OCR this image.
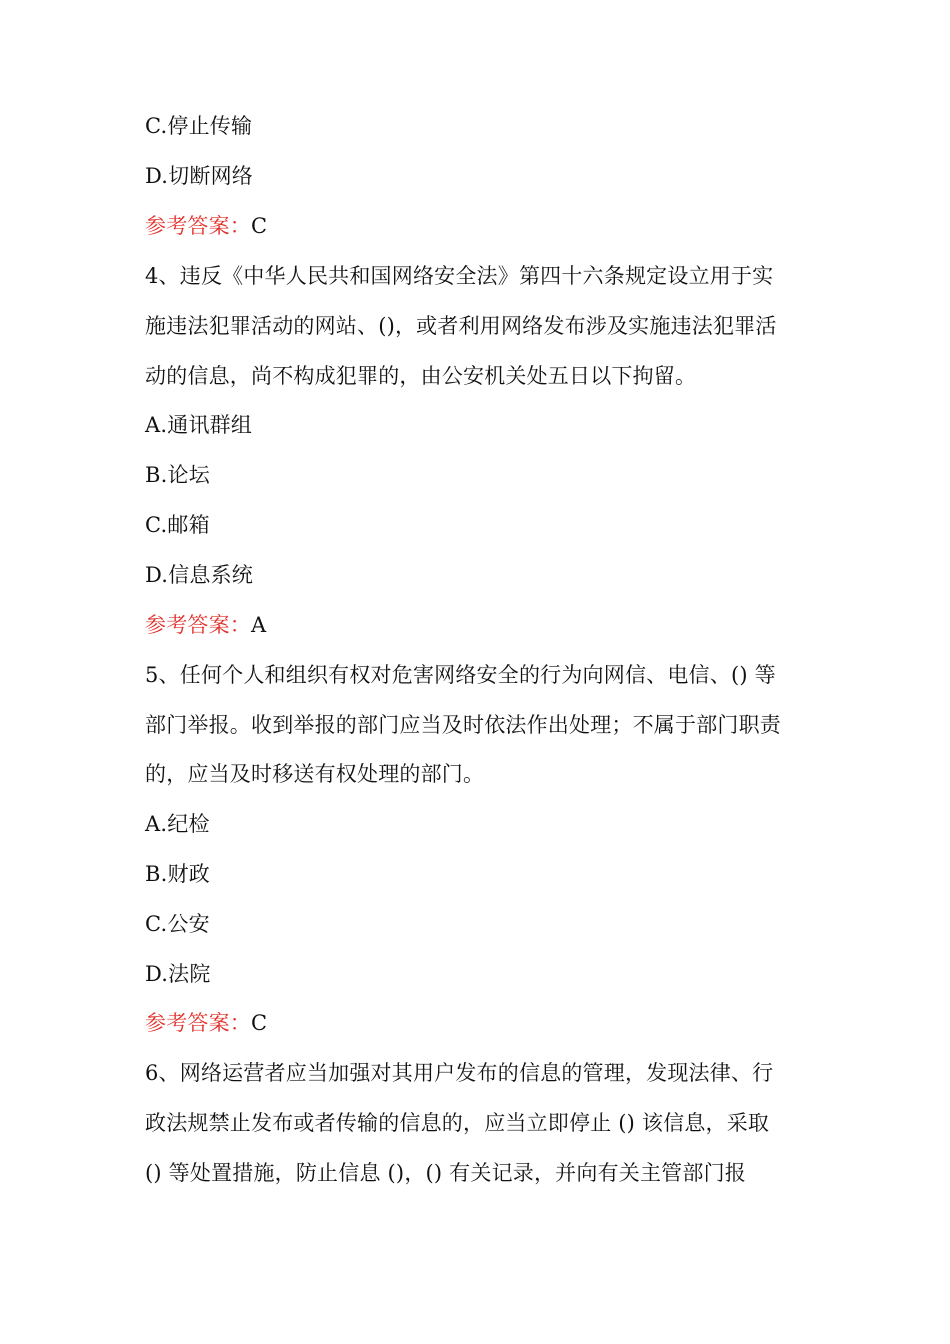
C.停止传输
D.切断网络
参考答案：C
4、违反《中华人民共和国网络安全法》第四十六条规定设立用于实
施违法犯罪活动的网站、()，或者利用网络发布涉及实施违法犯罪活
动的信息，尚不构成犯罪的，由公安机关处五日以下拘留。
A.通讯群组
B.论坛
C.邮箱
D.信息系统
参考答案：A
5、任何个人和组织有权对危害网络安全的行为向网信、电信、() 等
部门举报。收到举报的部门应当及时依法作出处理；不属于部门职责
的，应当及时移送有权处理的部门。
A.纪检
B.财政
C.公安
D.法院
参考答案：C
6、网络运营者应当加强对其用户发布的信息的管理，发现法律、行
政法规禁止发布或者传输的信息的，应当立即停止 () 该信息，采取
() 等处置措施，防止信息 ()，() 有关记录，并向有关主管部门报
